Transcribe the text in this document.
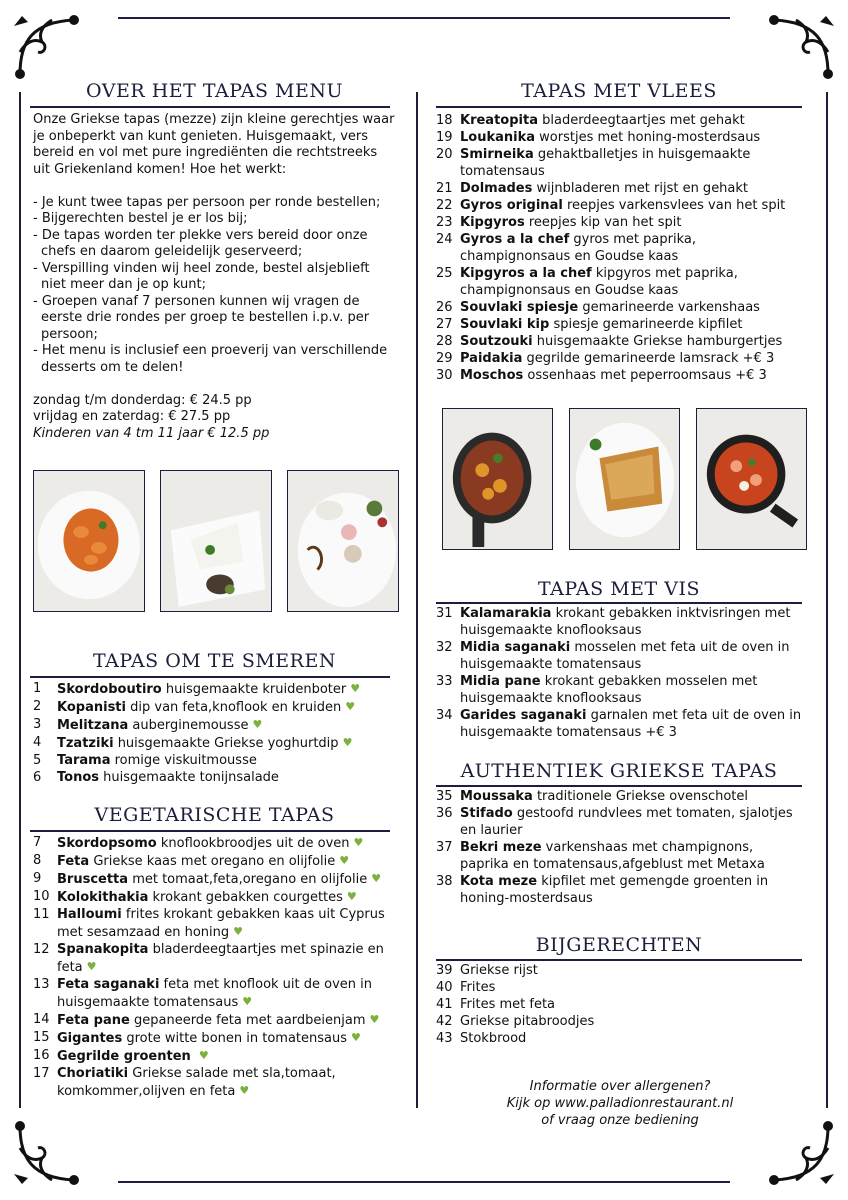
OVER HET TAPAS MENU

Onze Griekse tapas (mezze) zijn kleine gerechtjes waar je onbeperkt van kunt genieten. Huisgemaakt, vers bereid en vol met pure ingrediënten die rechtstreeks uit Griekenland komen! Hoe het werkt:

- Je kunt twee tapas per persoon per ronde bestellen;
- Bijgerechten bestel je er los bij;
- De tapas worden ter plekke vers bereid door onze chefs en daarom geleidelijk geserveerd;
- Verspilling vinden wij heel zonde, bestel alsjeblieft niet meer dan je op kunt;
- Groepen vanaf 7 personen kunnen wij vragen de eerste drie rondes per groep te bestellen i.p.v. per persoon;
- Het menu is inclusief een proeverij van verschillende desserts om te delen!
zondag t/m donderdag: € 24.5 pp
vrijdag en zaterdag: € 27.5 pp
Kinderen van 4 tm 11 jaar € 12.5 pp
TAPAS OM TE SMEREN
1	Skordoboutiro huisgemaakte kruidenboter ♥
2	Kopanisti dip van feta,knoflook en kruiden ♥
3	Melitzana auberginemousse ♥
4	Tzatziki huisgemaakte Griekse yoghurtdip ♥
5	Tarama romige viskuitmousse
6	Tonos huisgemaakte tonijnsalade
VEGETARISCHE TAPAS
7	Skordopsomo knoflookbroodjes uit de oven ♥
8	Feta Griekse kaas met oregano en olijfolie ♥
9	Bruscetta met tomaat,feta,oregano en olijfolie ♥
10 Kolokithakia krokant gebakken courgettes ♥
11 Halloumi frites krokant gebakken kaas uit Cyprus met sesamzaad en honing ♥
12 Spanakopita bladerdeegtaartjes met spinazie en feta ♥
13 Feta saganaki feta met knoflook uit de oven in huisgemaakte tomatensaus ♥
14 Feta pane gepaneerde feta met aardbeienjam ♥
15 Gigantes grote witte bonen in tomatensaus ♥
16 Gegrilde groenten ♥
17 Choriatiki Griekse salade met sla,tomaat, komkommer,olijven en feta ♥
TAPAS MET VLEES
18 Kreatopita bladerdeegtaartjes met gehakt
19 Loukanika worstjes met honing-mosterdsaus
20 Smirneika gehaktballetjes in huisgemaakte tomatensaus
21 Dolmades wijnbladeren met rijst en gehakt
22 Gyros original reepjes varkensvlees van het spit
23 Kipgyros reepjes kip van het spit
24 Gyros a la chef gyros met paprika, champignonsaus en Goudse kaas
25 Kipgyros a la chef kipgyros met paprika, champignonsaus en Goudse kaas
26 Souvlaki spiesje gemarineerde varkenshaas
27 Souvlaki kip spiesje gemarineerde kipfilet
28 Soutzouki huisgemaakte Griekse hamburgertjes
29 Paidakia gegrilde gemarineerde lamsrack +€ 3
30 Moschos ossenhaas met peperroomsaus +€ 3
TAPAS MET VIS
31 Kalamarakia krokant gebakken inktvisringen met huisgemaakte knoflooksaus
32 Midia saganaki mosselen met feta uit de oven in huisgemaakte tomatensaus
33 Midia pane krokant gebakken mosselen met huisgemaakte knoflooksaus
34 Garides saganaki garnalen met feta uit de oven in huisgemaakte tomatensaus +€ 3
AUTHENTIEK GRIEKSE TAPAS
35 Moussaka traditionele Griekse ovenschotel
36 Stifado gestoofd rundvlees met tomaten, sjalotjes en laurier
37 Bekri meze varkenshaas met champignons, paprika en tomatensaus,afgeblust met Metaxa
38 Kota meze kipfilet met gemengde groenten in honing-mosterdsaus
BIJGERECHTEN
39 Griekse rijst
40 Frites
41 Frites met feta
42 Griekse pitabroodjes
43 Stokbrood
Informatie over allergenen?
Kijk op www.palladionrestaurant.nl
of vraag onze bediening
